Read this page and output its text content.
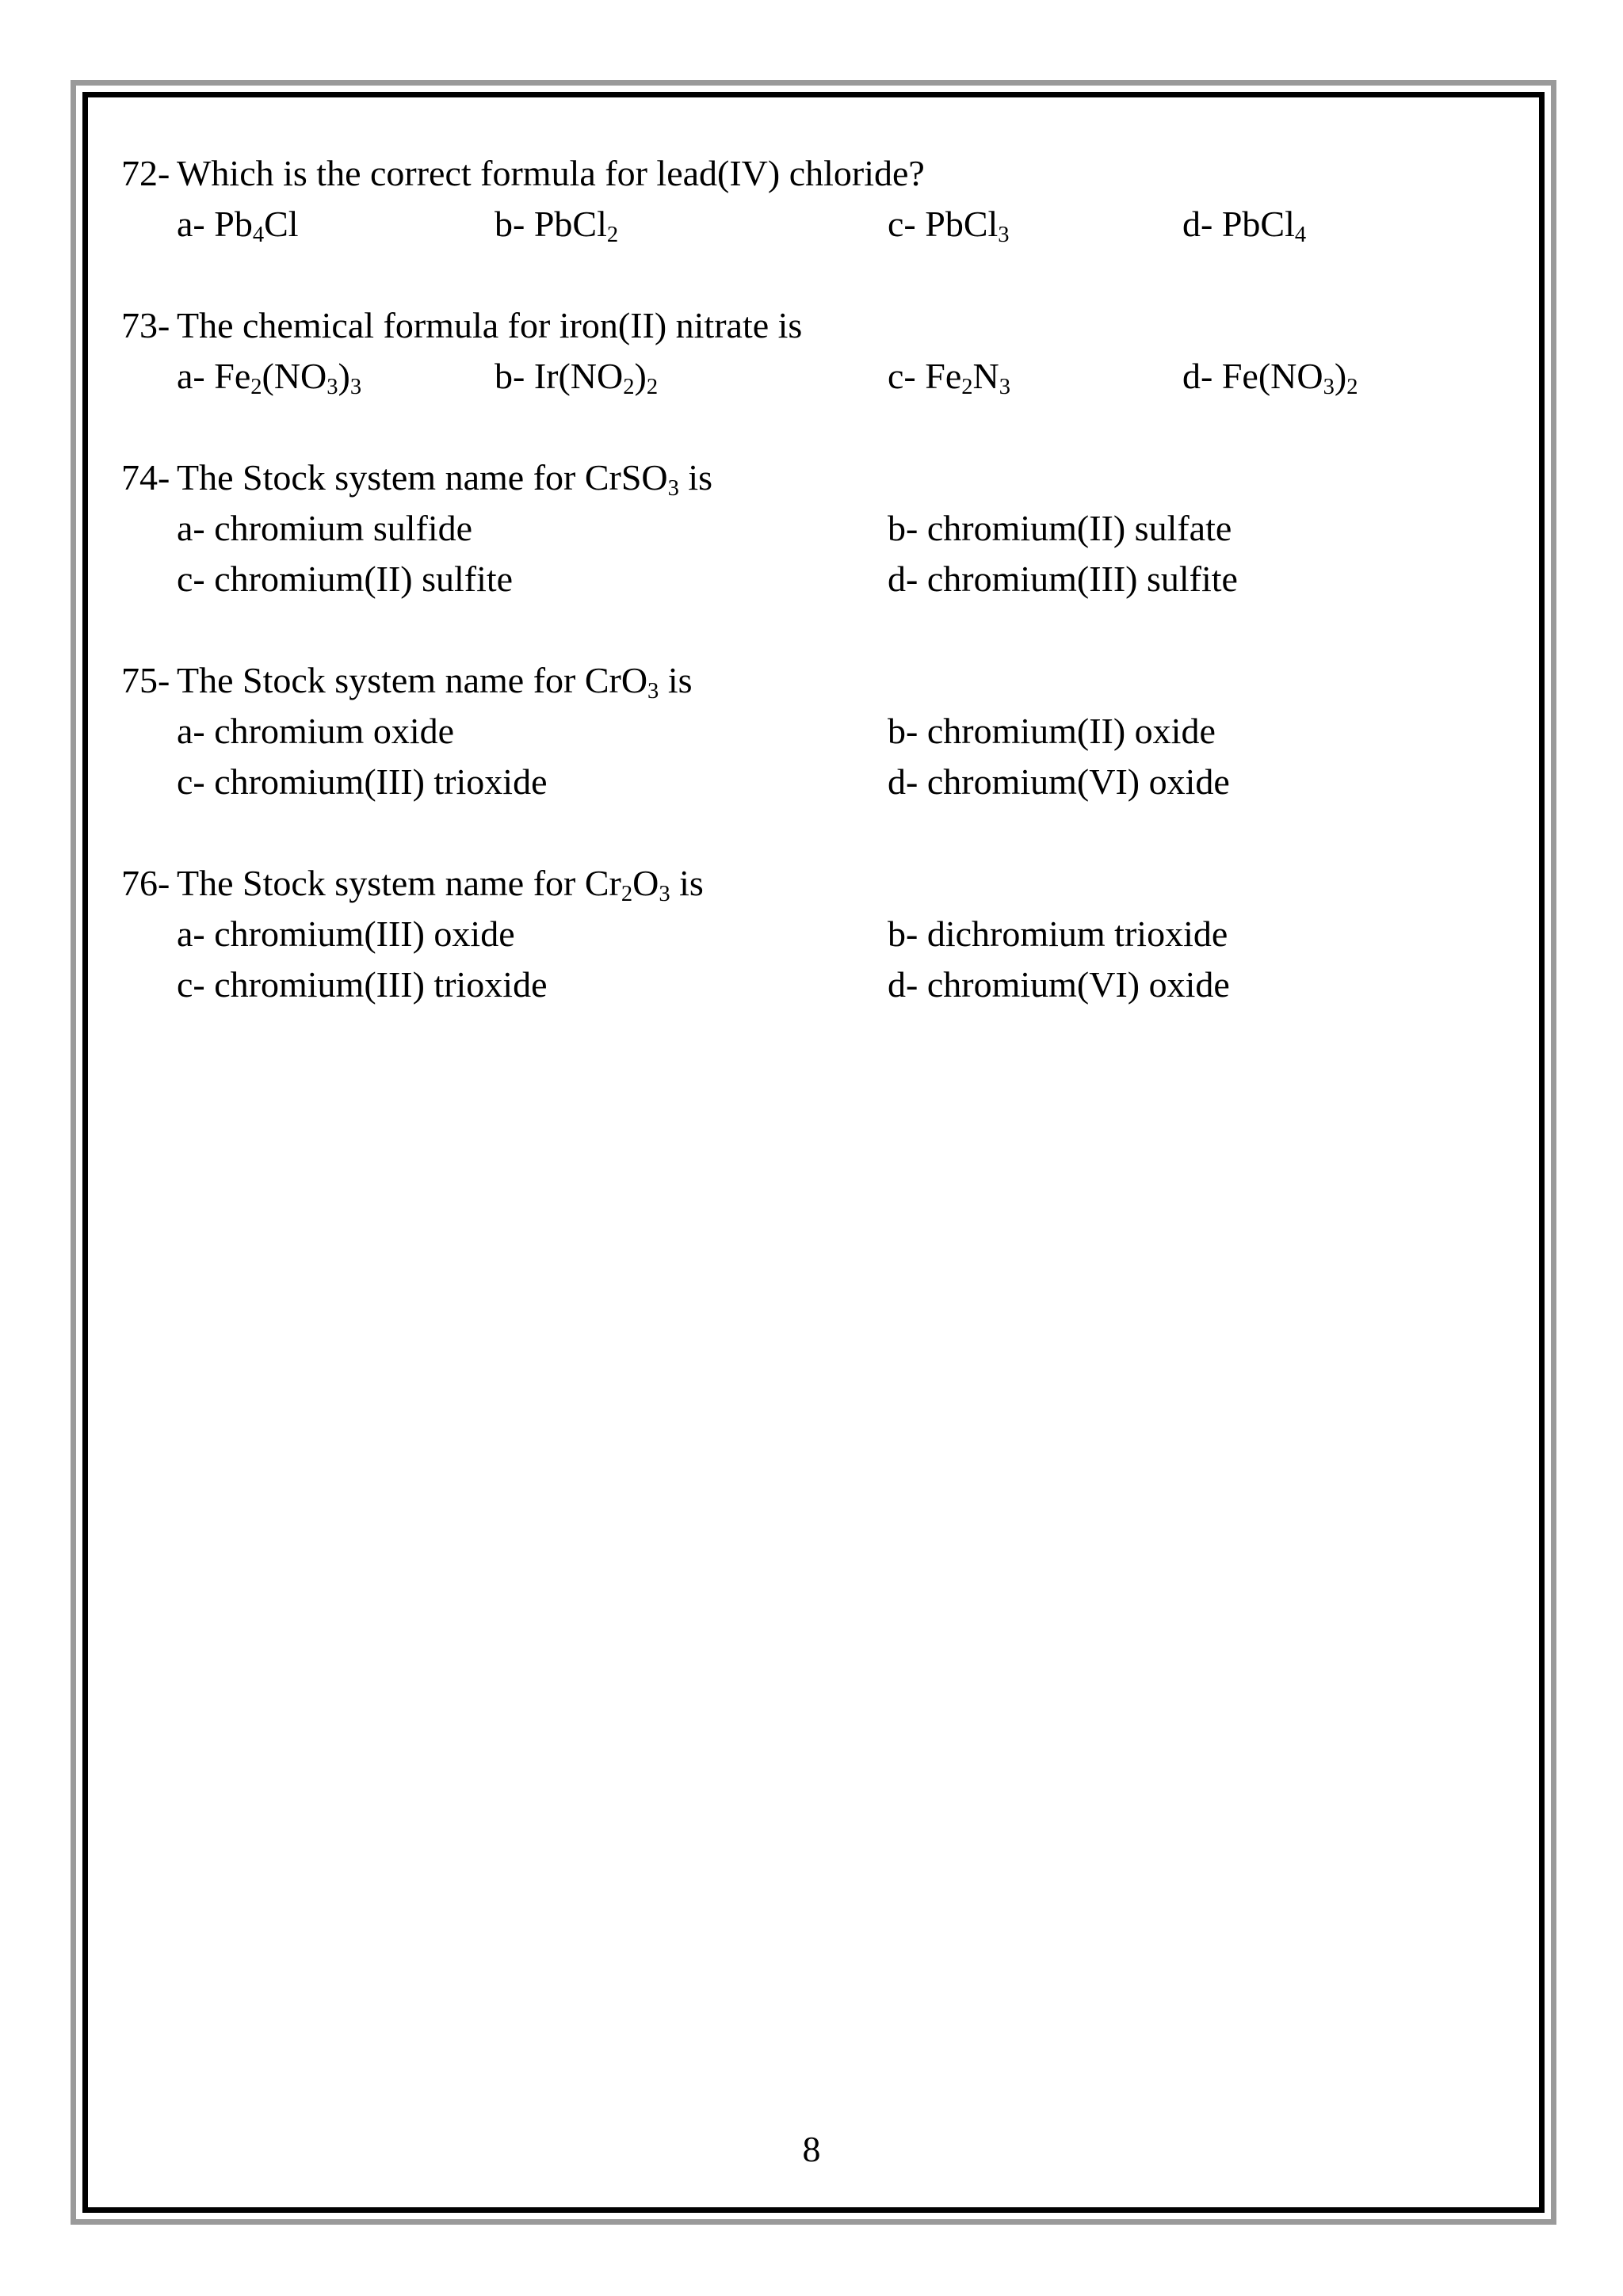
72- Which is the correct formula for lead(IV) chloride?
a- $Pb_4Cl$	b- PbCl$_2$	c- PbCl$_3$	d- PbCl$_4$
73- The chemical formula for iron(II) nitrate is
a- $Fe_2(NO_3)_3$	b- $Ir(NO_2)_2$	c- $Fe_2N_3$	d- $Fe(NO_3)_2$
74- The Stock system name for CrSO$_3$ is
a- chromium sulfide	b- chromium(II) sulfate
c- chromium(II) sulfite	d- chromium(III) sulfite
75- The Stock system name for CrO$_3$ is
a- chromium oxide	b- chromium(II) oxide
c- chromium(III) trioxide	d- chromium(VI) oxide
76- The Stock system name for $Cr_2O_3$ is
a- chromium(III) oxide	b- dichromium trioxide
c- chromium(III) trioxide	d- chromium(VI) oxide
8
